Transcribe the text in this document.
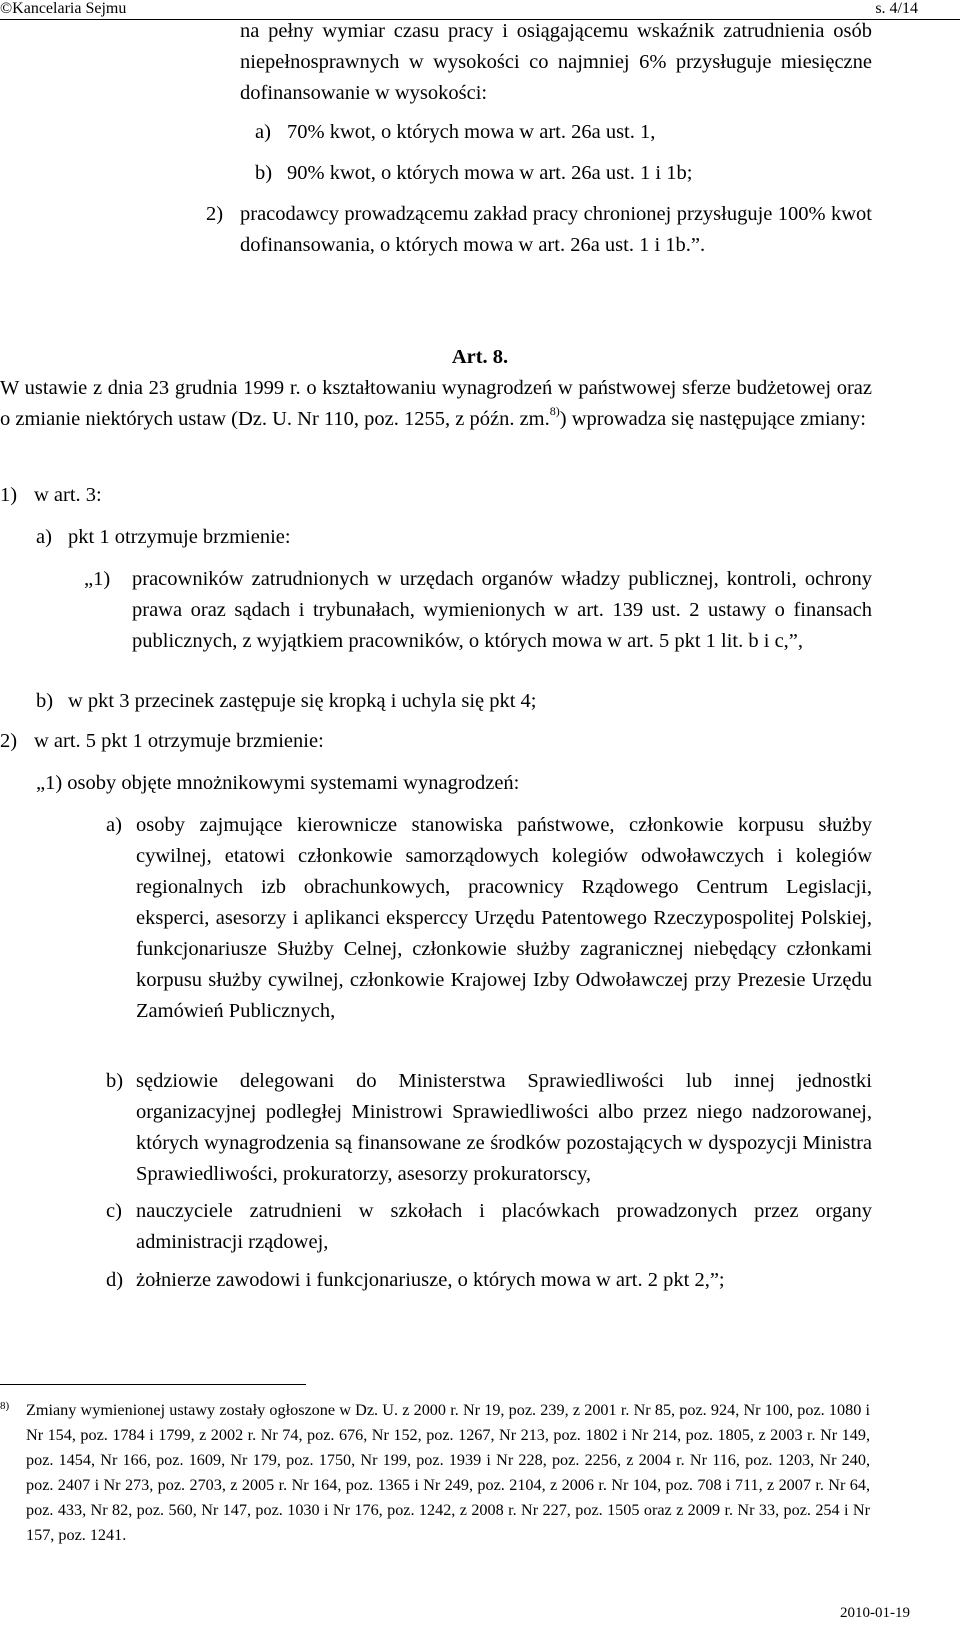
©Kancelaria Sejmu	s. 4/14

na pełny wymiar czasu pracy i osiągającemu wskaźnik zatrudnienia osób niepełnosprawnych w wysokości co najmniej 6% przysługuje miesięczne dofinansowanie w wysokości:

a) 70% kwot, o których mowa w art. 26a ust. 1,
b) 90% kwot, o których mowa w art. 26a ust. 1 i 1b;
2) pracodawcy prowadzącemu zakład pracy chronionej przysługuje 100% kwot dofinansowania, o których mowa w art. 26a ust. 1 i 1b.”.
Art. 8.

W ustawie z dnia 23 grudnia 1999 r. o kształtowaniu wynagrodzeń w państwowej sferze budżetowej oraz o zmianie niektórych ustaw (Dz. U. Nr 110, poz. 1255, z późn. zm.$^{8)}$) wprowadza się następujące zmiany:

1) w art. 3:
a) pkt 1 otrzymuje brzmienie:
„1)	pracowników zatrudnionych w urzędach organów władzy publicznej, kontroli, ochrony prawa oraz sądach i trybunałach, wymienionych w art. 139 ust. 2 ustawy o finansach publicznych, z wyjątkiem pracowników, o których mowa w art. 5 pkt 1 lit. b i c,”,
b) w pkt 3 przecinek zastępuje się kropką i uchyla się pkt 4;
2) w art. 5 pkt 1 otrzymuje brzmienie:

„1) osoby objęte mnożnikowymi systemami wynagrodzeń:

a) osoby zajmujące kierownicze stanowiska państwowe, członkowie korpusu służby cywilnej, etatowi członkowie samorządowych kolegiów odwoławczych i kolegiów regionalnych izb obrachunkowych, pracownicy Rządowego Centrum Legislacji, eksperci, asesorzy i aplikanci eksperccy Urzędu Patentowego Rzeczypospolitej Polskiej, funkcjonariusze Służby Celnej, członkowie służby zagranicznej niebędący członkami korpusu służby cywilnej, członkowie Krajowej Izby Odwoławczej przy Prezesie Urzędu Zamówień Publicznych,
b) sędziowie delegowani do Ministerstwa Sprawiedliwości lub innej jednostki organizacyjnej podległej Ministrowi Sprawiedliwości albo przez niego nadzorowanej, których wynagrodzenia są finansowane ze środków pozostających w dyspozycji Ministra Sprawiedliwości, prokuratorzy, asesorzy prokuratorscy,
c) nauczyciele zatrudnieni w szkołach i placówkach prowadzonych przez organy administracji rządowej,
d) żołnierze zawodowi i funkcjonariusze, o których mowa w art. 2 pkt 2,”;
8)	Zmiany wymienionej ustawy zostały ogłoszone w Dz. U. z 2000 r. Nr 19, poz. 239, z 2001 r. Nr 85, poz. 924, Nr 100, poz. 1080 i Nr 154, poz. 1784 i 1799, z 2002 r. Nr 74, poz. 676, Nr 152, poz. 1267, Nr 213, poz. 1802 i Nr 214, poz. 1805, z 2003 r. Nr 149, poz. 1454, Nr 166, poz. 1609, Nr 179, poz. 1750, Nr 199, poz. 1939 i Nr 228, poz. 2256, z 2004 r. Nr 116, poz. 1203, Nr 240, poz. 2407 i Nr 273, poz. 2703, z 2005 r. Nr 164, poz. 1365 i Nr 249, poz. 2104, z 2006 r. Nr 104, poz. 708 i 711, z 2007 r. Nr 64, poz. 433, Nr 82, poz. 560, Nr 147, poz. 1030 i Nr 176, poz. 1242, z 2008 r. Nr 227, poz. 1505 oraz z 2009 r. Nr 33, poz. 254 i Nr 157, poz. 1241.
2010-01-19
